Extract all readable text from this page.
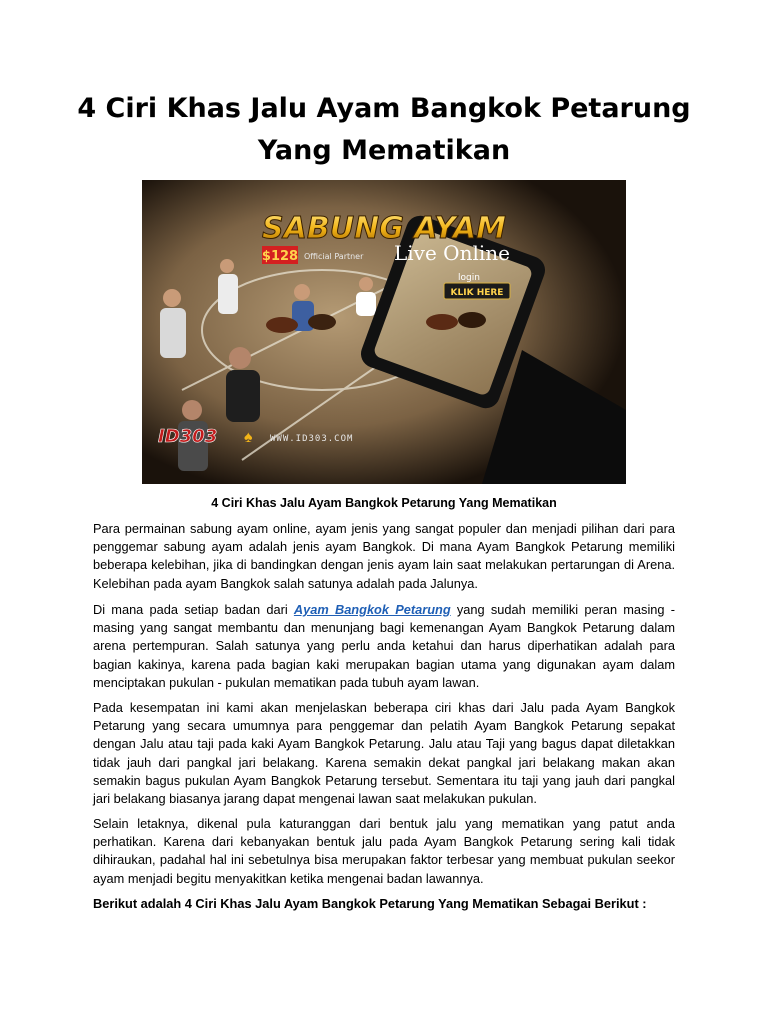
4 Ciri Khas Jalu Ayam Bangkok Petarung Yang Mematikan
SABUNG AYAM
$128 Official Partner Live Online
login
KLIK HERE
ID303 ♠ WWW.ID303.COM
4 Ciri Khas Jalu Ayam Bangkok Petarung Yang Mematikan

Para permainan sabung ayam online, ayam jenis yang sangat populer dan menjadi pilihan dari para penggemar sabung ayam adalah jenis ayam Bangkok. Di mana Ayam Bangkok Petarung memiliki beberapa kelebihan, jika di bandingkan dengan jenis ayam lain saat melakukan pertarungan di Arena. Kelebihan pada ayam Bangkok salah satunya adalah pada Jalunya.

Di mana pada setiap badan dari Ayam Bangkok Petarung yang sudah memiliki peran masing - masing yang sangat membantu dan menunjang bagi kemenangan Ayam Bangkok Petarung dalam arena pertempuran. Salah satunya yang perlu anda ketahui dan harus diperhatikan adalah para bagian kakinya, karena pada bagian kaki merupakan bagian utama yang digunakan ayam dalam menciptakan pukulan - pukulan mematikan pada tubuh ayam lawan.

Pada kesempatan ini kami akan menjelaskan beberapa ciri khas dari Jalu pada Ayam Bangkok Petarung yang secara umumnya para penggemar dan pelatih Ayam Bangkok Petarung sepakat dengan Jalu atau taji pada kaki Ayam Bangkok Petarung. Jalu atau Taji yang bagus dapat diletakkan tidak jauh dari pangkal jari belakang. Karena semakin dekat pangkal jari belakang makan akan semakin bagus pukulan Ayam Bangkok Petarung tersebut. Sementara itu taji yang jauh dari pangkal jari belakang biasanya jarang dapat mengenai lawan saat melakukan pukulan.

Selain letaknya, dikenal pula katuranggan dari bentuk jalu yang mematikan yang patut anda perhatikan. Karena dari kebanyakan bentuk jalu pada Ayam Bangkok Petarung sering kali tidak dihiraukan, padahal hal ini sebetulnya bisa merupakan faktor terbesar yang membuat pukulan seekor ayam menjadi begitu menyakitkan ketika mengenai badan lawannya.

Berikut adalah 4 Ciri Khas Jalu Ayam Bangkok Petarung Yang Mematikan Sebagai Berikut :
